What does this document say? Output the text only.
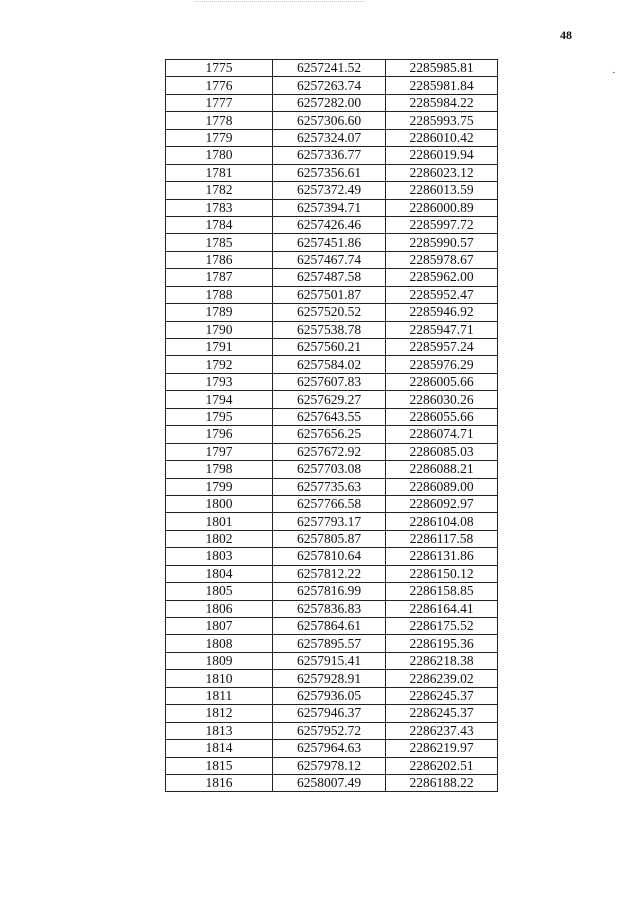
48
·
1775	6257241.52	2285985.81
1776	6257263.74	2285981.84
1777	6257282.00	2285984.22
1778	6257306.60	2285993.75
1779	6257324.07	2286010.42
1780	6257336.77	2286019.94
1781	6257356.61	2286023.12
1782	6257372.49	2286013.59
1783	6257394.71	2286000.89
1784	6257426.46	2285997.72
1785	6257451.86	2285990.57
1786	6257467.74	2285978.67
1787	6257487.58	2285962.00
1788	6257501.87	2285952.47
1789	6257520.52	2285946.92
1790	6257538.78	2285947.71
1791	6257560.21	2285957.24
1792	6257584.02	2285976.29
1793	6257607.83	2286005.66
1794	6257629.27	2286030.26
1795	6257643.55	2286055.66
1796	6257656.25	2286074.71
1797	6257672.92	2286085.03
1798	6257703.08	2286088.21
1799	6257735.63	2286089.00
1800	6257766.58	2286092.97
1801	6257793.17	2286104.08
1802	6257805.87	2286117.58
1803	6257810.64	2286131.86
1804	6257812.22	2286150.12
1805	6257816.99	2286158.85
1806	6257836.83	2286164.41
1807	6257864.61	2286175.52
1808	6257895.57	2286195.36
1809	6257915.41	2286218.38
1810	6257928.91	2286239.02
1811	6257936.05	2286245.37
1812	6257946.37	2286245.37
1813	6257952.72	2286237.43
1814	6257964.63	2286219.97
1815	6257978.12	2286202.51
1816	6258007.49	2286188.22
